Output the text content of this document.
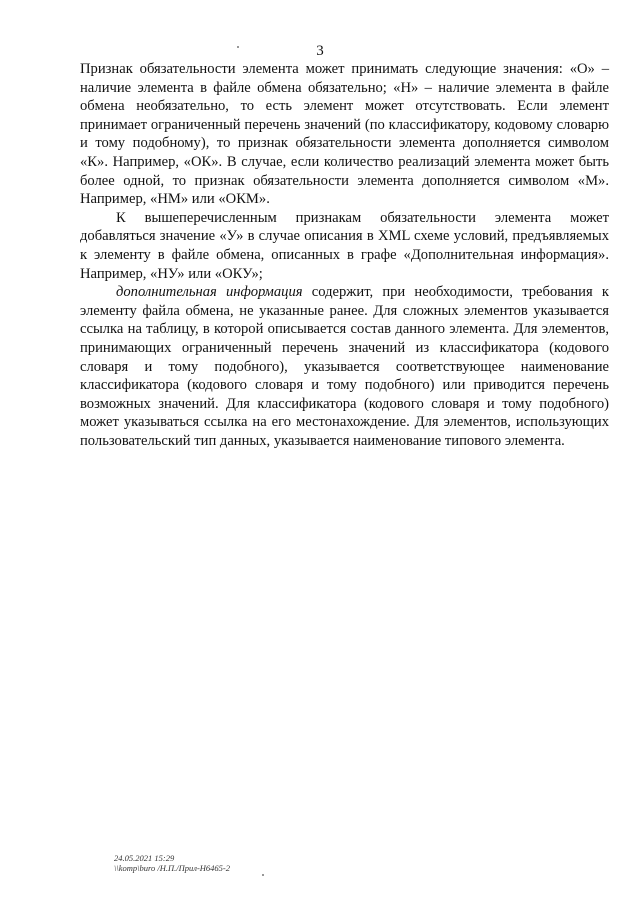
3

Признак обязательности элемента может принимать следующие значения: «О» – наличие элемента в файле обмена обязательно; «Н» – наличие элемента в файле обмена необязательно, то есть элемент может отсутствовать. Если элемент принимает ограниченный перечень значений (по классификатору, кодовому словарю и тому подобному), то признак обязательности элемента дополняется символом «К». Например, «ОК». В случае, если количество реализаций элемента может быть более одной, то признак обязательности элемента дополняется символом «М». Например, «НМ» или «ОКМ».

К вышеперечисленным признакам обязательности элемента может добавляться значение «У» в случае описания в XML схеме условий, предъявляемых к элементу в файле обмена, описанных в графе «Дополнительная информация». Например, «НУ» или «ОКУ»;

дополнительная информация содержит, при необходимости, требования к элементу файла обмена, не указанные ранее. Для сложных элементов указывается ссылка на таблицу, в которой описывается состав данного элемента. Для элементов, принимающих ограниченный перечень значений из классификатора (кодового словаря и тому подобного), указывается соответствующее наименование классификатора (кодового словаря и тому подобного) или приводится перечень возможных значений. Для классификатора (кодового словаря и тому подобного) может указываться ссылка на его местонахождение. Для элементов, использующих пользовательский тип данных, указывается наименование типового элемента.

24.05.2021 15:29
\\komp\buro /Н.П./Прил-Н6465-2
